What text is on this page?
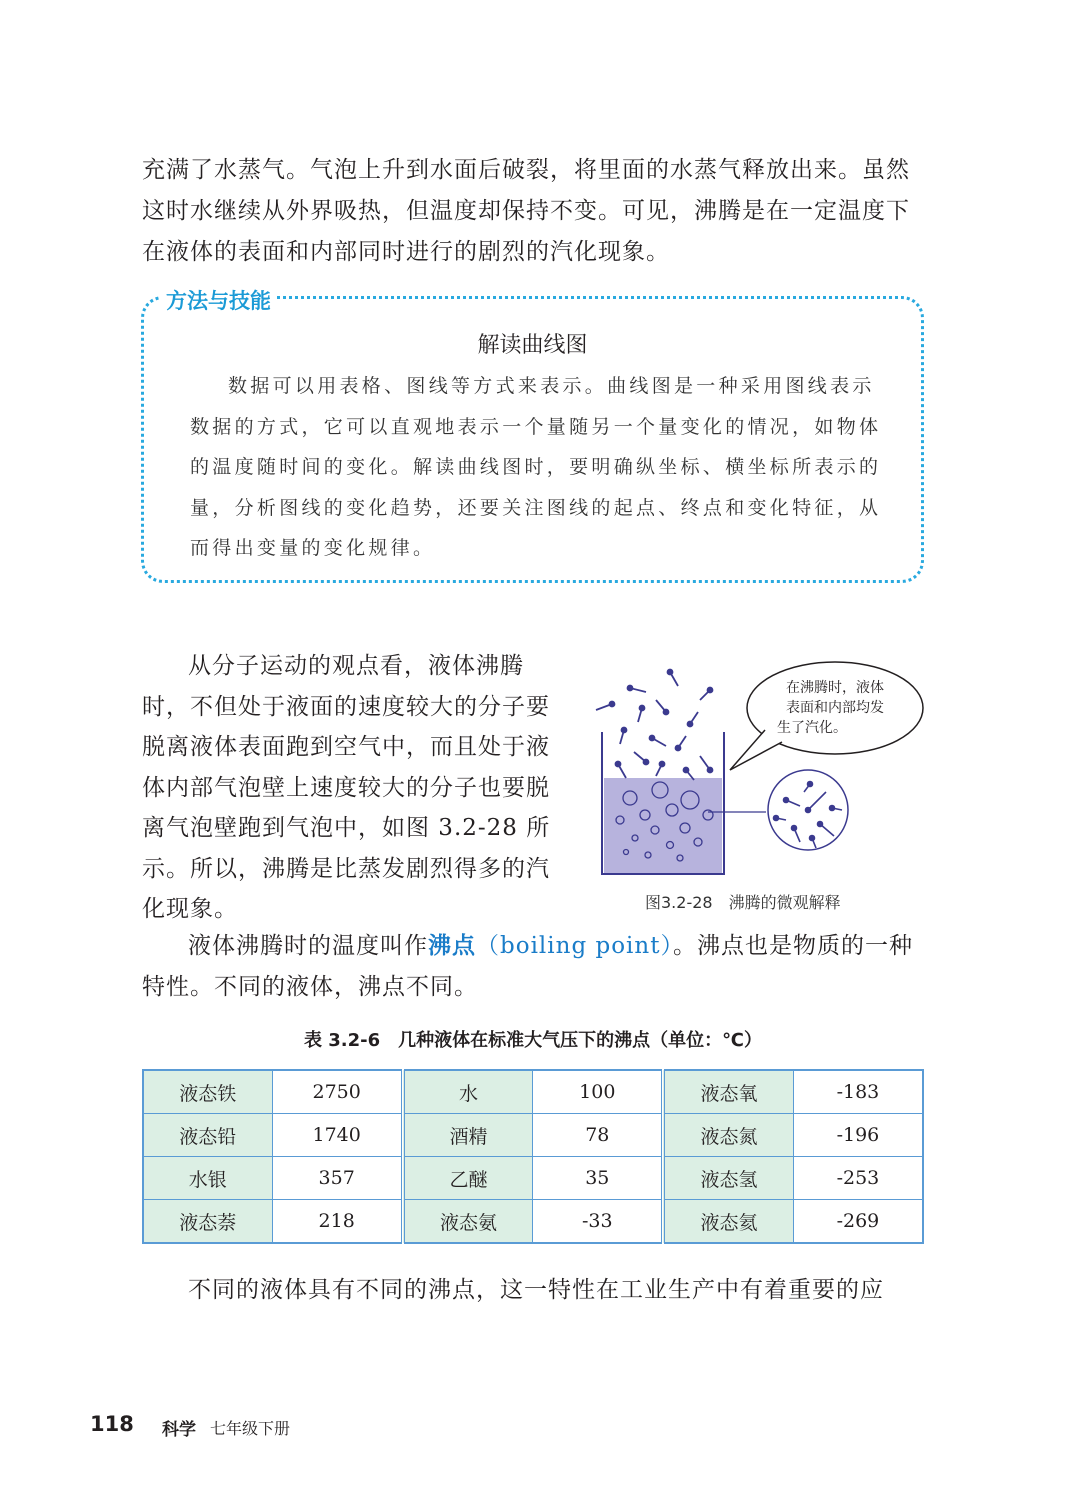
充满了水蒸气。气泡上升到水面后破裂，将里面的水蒸气释放出来。虽然这时水继续从外界吸热，但温度却保持不变。可见，沸腾是在一定温度下在液体的表面和内部同时进行的剧烈的汽化现象。

方法与技能

解读曲线图

数据可以用表格、图线等方式来表示。曲线图是一种采用图线表示数据的方式，它可以直观地表示一个量随另一个量变化的情况，如物体的温度随时间的变化。解读曲线图时，要明确纵坐标、横坐标所表示的量，分析图线的变化趋势，还要关注图线的起点、终点和变化特征，从而得出变量的变化规律。

从分子运动的观点看，液体沸腾时，不但处于液面的速度较大的分子要脱离液体表面跑到空气中，而且处于液体内部气泡壁上速度较大的分子也要脱离气泡壁跑到气泡中，如图 3.2-28 所示。所以，沸腾是比蒸发剧烈得多的汽化现象。

在沸腾时，液体
表面和内部均发
生了汽化。
图3.2-28　沸腾的微观解释

液体沸腾时的温度叫作沸点（boiling point）。沸点也是物质的一种特性。不同的液体，沸点不同。

表 3.2-6　几种液体在标准大气压下的沸点（单位：℃）
液态铁	2750	水	100	液态氧	-183
液态铅	1740	酒精	78	液态氮	-196
水银	357	乙醚	35	液态氢	-253
液态萘	218	液态氨	-33	液态氦	-269

不同的液体具有不同的沸点，这一特性在工业生产中有着重要的应

118 科学 七年级下册
